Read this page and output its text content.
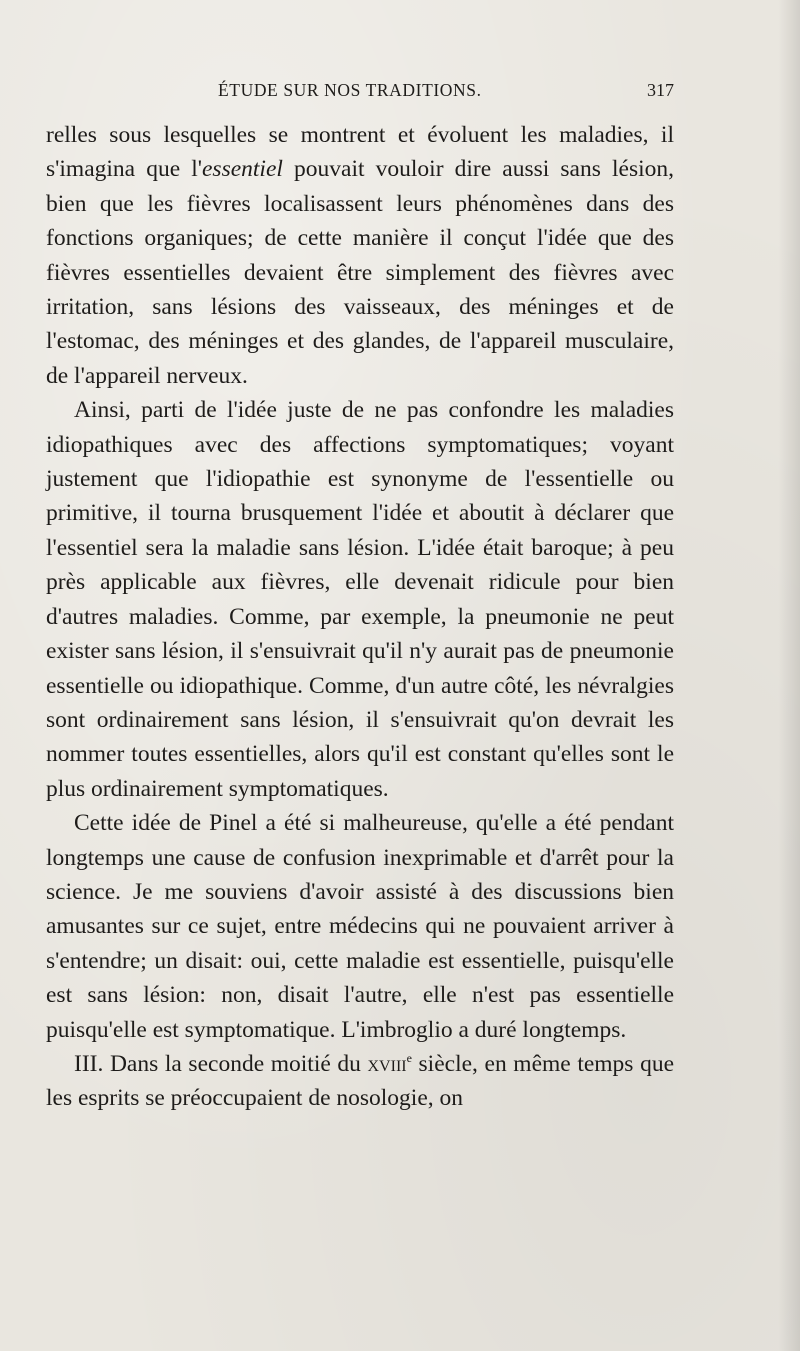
ÉTUDE SUR NOS TRADITIONS.	317

relles sous lesquelles se montrent et évoluent les maladies, il s'imagina que l'essentiel pouvait vouloir dire aussi sans lésion, bien que les fièvres localisassent leurs phénomènes dans des fonctions organiques; de cette manière il conçut l'idée que des fièvres essentielles devaient être simplement des fièvres avec irritation, sans lésions des vaisseaux, des méninges et de l'estomac, des méninges et des glandes, de l'appareil musculaire, de l'appareil nerveux.

Ainsi, parti de l'idée juste de ne pas confondre les maladies idiopathiques avec des affections symptomatiques; voyant justement que l'idiopathie est synonyme de l'essentielle ou primitive, il tourna brusquement l'idée et aboutit à déclarer que l'essentiel sera la maladie sans lésion. L'idée était baroque; à peu près applicable aux fièvres, elle devenait ridicule pour bien d'autres maladies. Comme, par exemple, la pneumonie ne peut exister sans lésion, il s'ensuivrait qu'il n'y aurait pas de pneumonie essentielle ou idiopathique. Comme, d'un autre côté, les névralgies sont ordinairement sans lésion, il s'ensuivrait qu'on devrait les nommer toutes essentielles, alors qu'il est constant qu'elles sont le plus ordinairement symptomatiques.

Cette idée de Pinel a été si malheureuse, qu'elle a été pendant longtemps une cause de confusion inexprimable et d'arrêt pour la science. Je me souviens d'avoir assisté à des discussions bien amusantes sur ce sujet, entre médecins qui ne pouvaient arriver à s'entendre; un disait: oui, cette maladie est essentielle, puisqu'elle est sans lésion: non, disait l'autre, elle n'est pas essentielle puisqu'elle est symptomatique. L'imbroglio a duré longtemps.

III. Dans la seconde moitié du xviii$^e$ siècle, en même temps que les esprits se préoccupaient de nosologie, on
